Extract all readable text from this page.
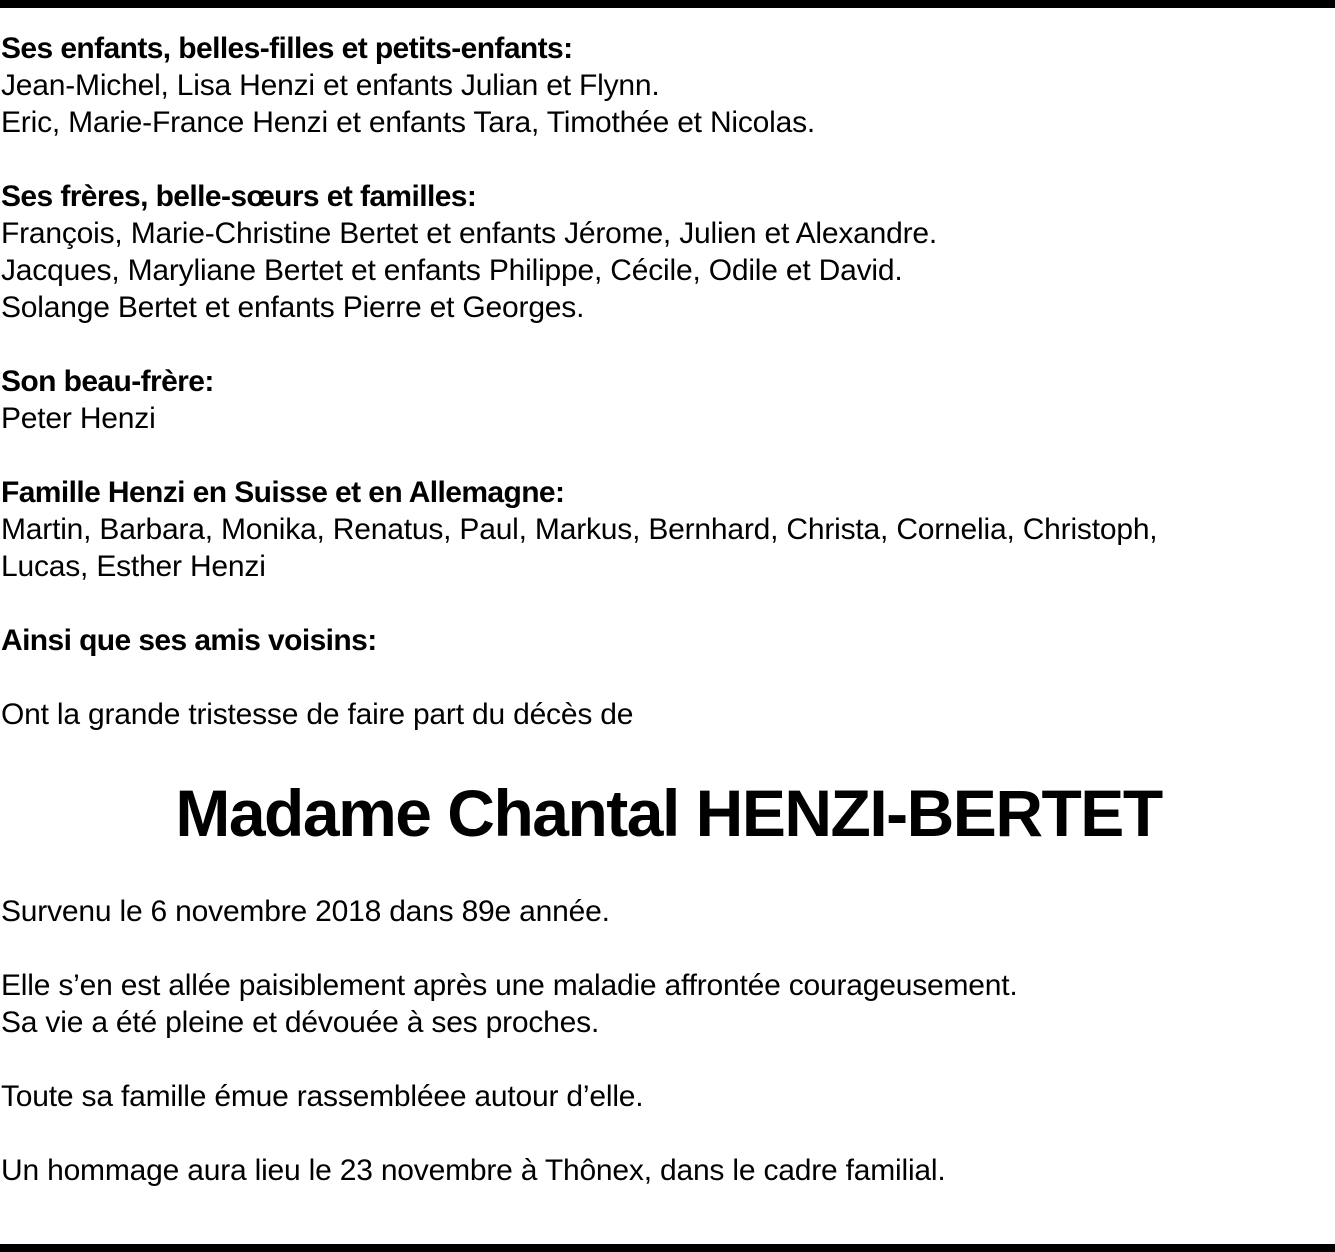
Ses enfants, belles-filles et petits-enfants:
Jean-Michel, Lisa Henzi et enfants Julian et Flynn.
Eric, Marie-France Henzi et enfants Tara, Timothée et Nicolas.
Ses frères, belle-sœurs et familles:
François, Marie-Christine Bertet et enfants Jérome, Julien et Alexandre.
Jacques, Maryliane Bertet et enfants Philippe, Cécile, Odile et David.
Solange Bertet et enfants Pierre et Georges.
Son beau-frère:
Peter Henzi
Famille Henzi en Suisse et en Allemagne:
Martin, Barbara, Monika, Renatus, Paul, Markus, Bernhard, Christa, Cornelia, Christoph,
Lucas, Esther Henzi
Ainsi que ses amis voisins:
Ont la grande tristesse de faire part du décès de
Madame Chantal HENZI-BERTET
Survenu le 6 novembre 2018 dans 89e année.
Elle s’en est allée paisiblement après une maladie affrontée courageusement.
Sa vie a été pleine et dévouée à ses proches.
Toute sa famille émue rassembléee autour d’elle.
Un hommage aura lieu le 23 novembre à Thônex, dans le cadre familial.
